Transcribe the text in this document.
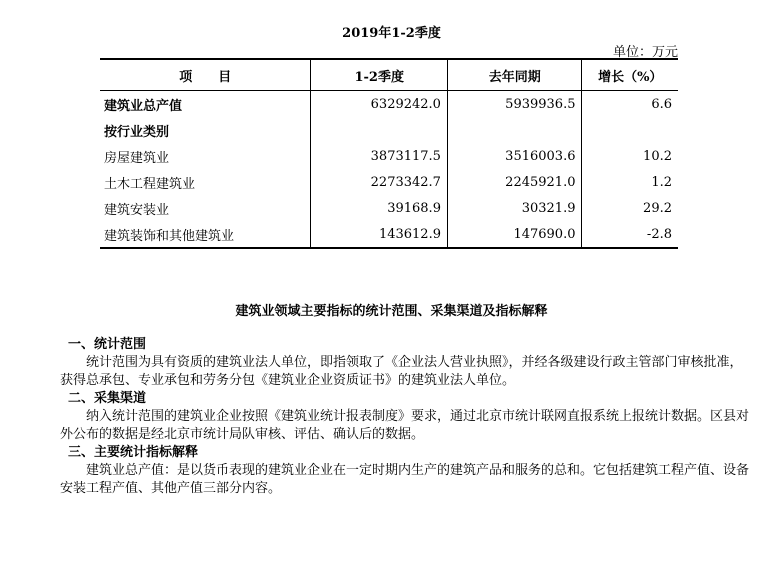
2019年1-2季度
单位：万元
项　　目	1-2季度	去年同期	增长（%）
建筑业总产值	6329242.0	5939936.5	6.6
按行业类别			
房屋建筑业	3873117.5	3516003.6	10.2
土木工程建筑业	2273342.7	2245921.0	1.2
建筑安装业	39168.9	30321.9	29.2
建筑装饰和其他建筑业	143612.9	147690.0	-2.8
建筑业领域主要指标的统计范围、采集渠道及指标解释
一、统计范围
统计范围为具有资质的建筑业法人单位，即指领取了《企业法人营业执照》，并经各级建设行政主管部门审核批准，获得总承包、专业承包和劳务分包《建筑业企业资质证书》的建筑业法人单位。
二、采集渠道
纳入统计范围的建筑业企业按照《建筑业统计报表制度》要求，通过北京市统计联网直报系统上报统计数据。区县对外公布的数据是经北京市统计局队审核、评估、确认后的数据。
三、主要统计指标解释
建筑业总产值：是以货币表现的建筑业企业在一定时期内生产的建筑产品和服务的总和。它包括建筑工程产值、设备安装工程产值、其他产值三部分内容。
